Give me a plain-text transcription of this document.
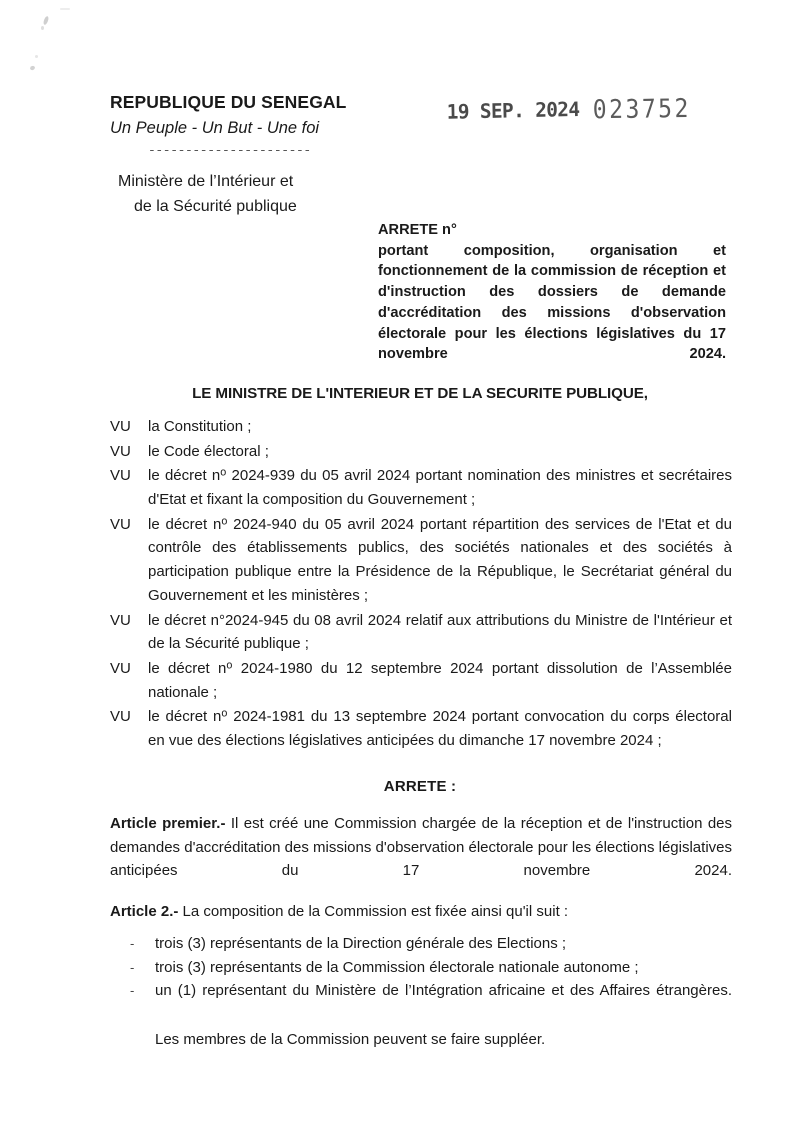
REPUBLIQUE DU SENEGAL
Un Peuple - Un But - Une foi
----------------------
Ministère de l’Intérieur et
de la Sécurité publique
19 SEP. 2024 023752
ARRETE n°
portant composition, organisation et fonctionnement de la commission de réception et d'instruction des dossiers de demande d'accréditation des missions d'observation électorale pour les élections législatives du 17 novembre 2024.
LE MINISTRE DE L'INTERIEUR ET DE LA SECURITE PUBLIQUE,
VU	la Constitution ;
VU	le Code électoral ;
VU	le décret $n^o$ 2024-939 du 05 avril 2024 portant nomination des ministres et secrétaires d'Etat et fixant la composition du Gouvernement ;
VU	le décret $n^o$ 2024-940 du 05 avril 2024 portant répartition des services de l'Etat et du contrôle des établissements publics, des sociétés nationales et des sociétés à participation publique entre la Présidence de la République, le Secrétariat général du Gouvernement et les ministères ;
VU	le décret n°2024-945 du 08 avril 2024 relatif aux attributions du Ministre de l'Intérieur et de la Sécurité publique ;
VU	le décret $n^o$ 2024-1980 du 12 septembre 2024 portant dissolution de l’Assemblée nationale ;
VU	le décret $n^o$ 2024-1981 du 13 septembre 2024 portant convocation du corps électoral en vue des élections législatives anticipées du dimanche 17 novembre 2024 ;
ARRETE :
Article premier.- Il est créé une Commission chargée de la réception et de l'instruction des demandes d'accréditation des missions d'observation électorale pour les élections législatives anticipées du 17 novembre 2024.
Article 2.- La composition de la Commission est fixée ainsi qu'il suit :
-	trois (3) représentants de la Direction générale des Elections ;
-	trois (3) représentants de la Commission électorale nationale autonome ;
-	un (1) représentant du Ministère de l’Intégration africaine et des Affaires étrangères.
Les membres de la Commission peuvent se faire suppléer.
